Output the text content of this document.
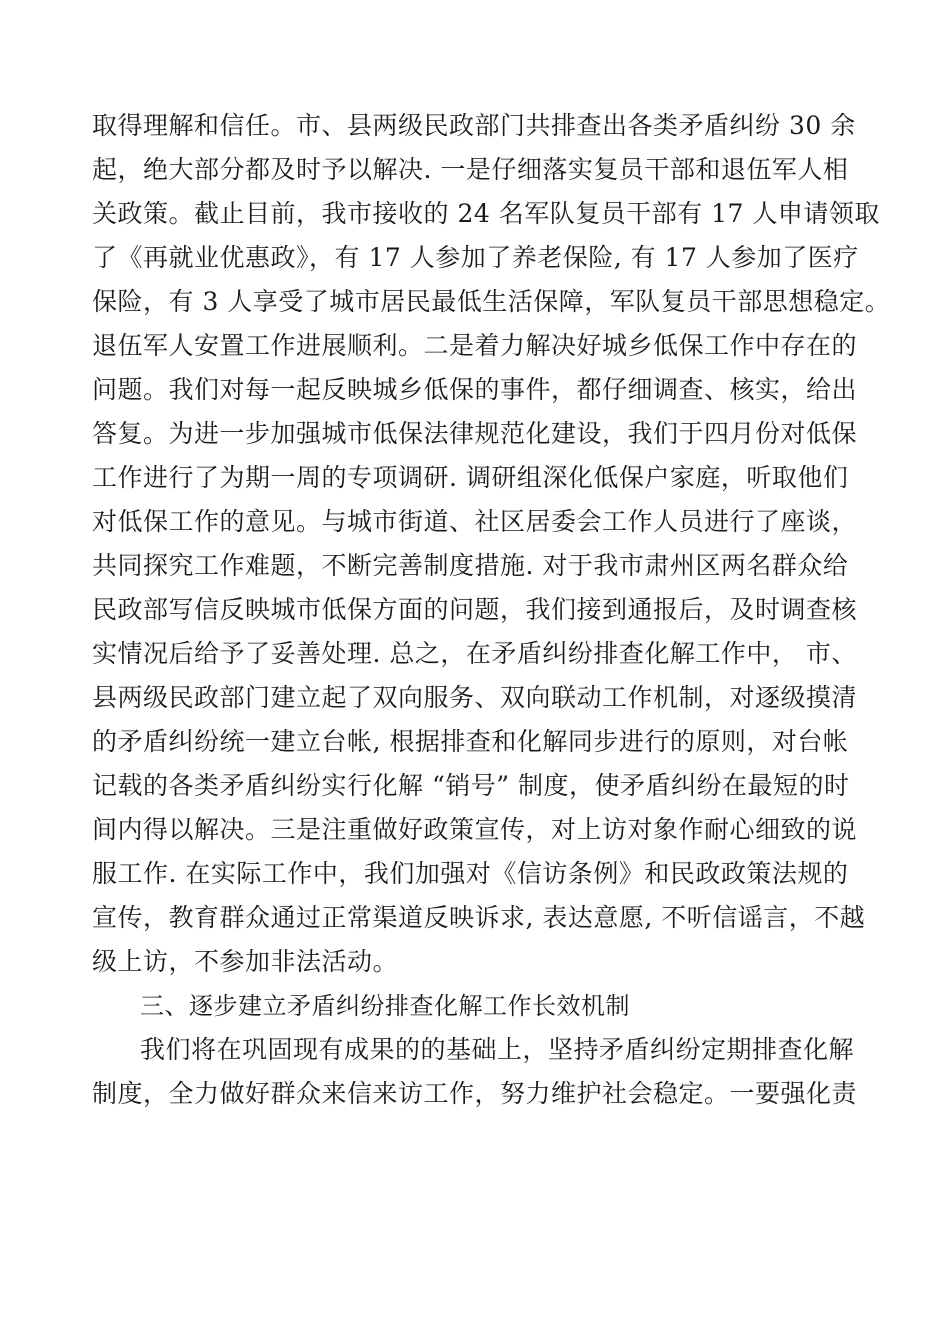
取得理解和信任。市、县两级民政部门共排查出各类矛盾纠纷 30 余
起，绝大部分都及时予以解决. 一是仔细落实复员干部和退伍军人相
关政策。截止目前，我市接收的 24 名军队复员干部有 17 人申请领取
了《再就业优惠政》，有 17 人参加了养老保险, 有 17 人参加了医疗
保险，有 3 人享受了城市居民最低生活保障，军队复员干部思想稳定。
退伍军人安置工作进展顺利。二是着力解决好城乡低保工作中存在的
问题。我们对每一起反映城乡低保的事件，都仔细调查、核实，给出
答复。为进一步加强城市低保法律规范化建设，我们于四月份对低保
工作进行了为期一周的专项调研. 调研组深化低保户家庭，听取他们
对低保工作的意见。与城市街道、社区居委会工作人员进行了座谈，
共同探究工作难题，不断完善制度措施. 对于我市肃州区两名群众给
民政部写信反映城市低保方面的问题，我们接到通报后，及时调查核
实情况后给予了妥善处理. 总之，在矛盾纠纷排查化解工作中， 市、
县两级民政部门建立起了双向服务、双向联动工作机制，对逐级摸清
的矛盾纠纷统一建立台帐, 根据排查和化解同步进行的原则，对台帐
记载的各类矛盾纠纷实行化解 “销号” 制度，使矛盾纠纷在最短的时
间内得以解决。三是注重做好政策宣传，对上访对象作耐心细致的说
服工作. 在实际工作中，我们加强对《信访条例》和民政政策法规的
宣传，教育群众通过正常渠道反映诉求, 表达意愿, 不听信谣言，不越
级上访，不参加非法活动。
三、逐步建立矛盾纠纷排查化解工作长效机制
我们将在巩固现有成果的的基础上，坚持矛盾纠纷定期排查化解
制度，全力做好群众来信来访工作，努力维护社会稳定。一要强化责
